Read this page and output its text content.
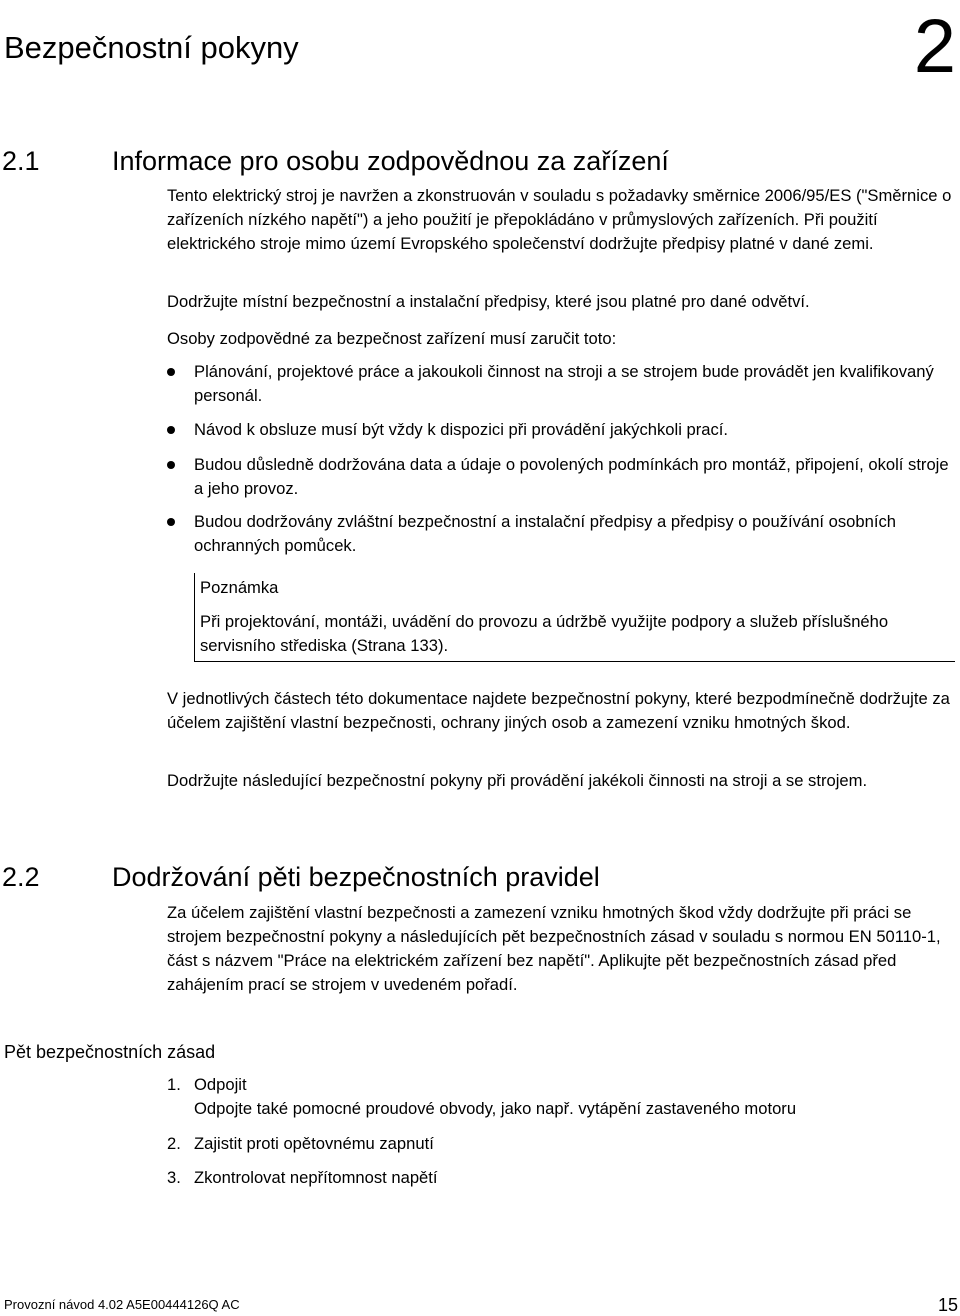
Bezpečnostní pokyny	2
2.1	Informace pro osobu zodpovědnou za zařízení
Tento elektrický stroj je navržen a zkonstruován v souladu s požadavky směrnice 2006/95/ES ("Směrnice o zařízeních nízkého napětí") a jeho použití je přepokládáno v průmyslových zařízeních. Při použití elektrického stroje mimo území Evropského společenství dodržujte předpisy platné v dané zemi.
Dodržujte místní bezpečnostní a instalační předpisy, které jsou platné pro dané odvětví.
Osoby zodpovědné za bezpečnost zařízení musí zaručit toto:
Plánování, projektové práce a jakoukoli činnost na stroji a se strojem bude provádět jen kvalifikovaný personál.
Návod k obsluze musí být vždy k dispozici při provádění jakýchkoli prací.
Budou důsledně dodržována data a údaje o povolených podmínkách pro montáž, připojení, okolí stroje a jeho provoz.
Budou dodržovány zvláštní bezpečnostní a instalační předpisy a předpisy o používání osobních ochranných pomůcek.
Poznámka
Při projektování, montáži, uvádění do provozu a údržbě využijte podpory a služeb příslušného servisního střediska (Strana 133).
V jednotlivých částech této dokumentace najdete bezpečnostní pokyny, které bezpodmínečně dodržujte za účelem zajištění vlastní bezpečnosti, ochrany jiných osob a zamezení vzniku hmotných škod.
Dodržujte následující bezpečnostní pokyny při provádění jakékoli činnosti na stroji a se strojem.
2.2	Dodržování pěti bezpečnostních pravidel
Za účelem zajištění vlastní bezpečnosti a zamezení vzniku hmotných škod vždy dodržujte při práci se strojem bezpečnostní pokyny a následujících pět bezpečnostních zásad v souladu s normou EN 50110-1, část s názvem "Práce na elektrickém zařízení bez napětí". Aplikujte pět bezpečnostních zásad před zahájením prací se strojem v uvedeném pořadí.
Pět bezpečnostních zásad
1. Odpojit
Odpojte také pomocné proudové obvody, jako např. vytápění zastaveného motoru
2. Zajistit proti opětovnému zapnutí
3. Zkontrolovat nepřítomnost napětí
Provozní návod 4.02 A5E00444126Q AC	15
